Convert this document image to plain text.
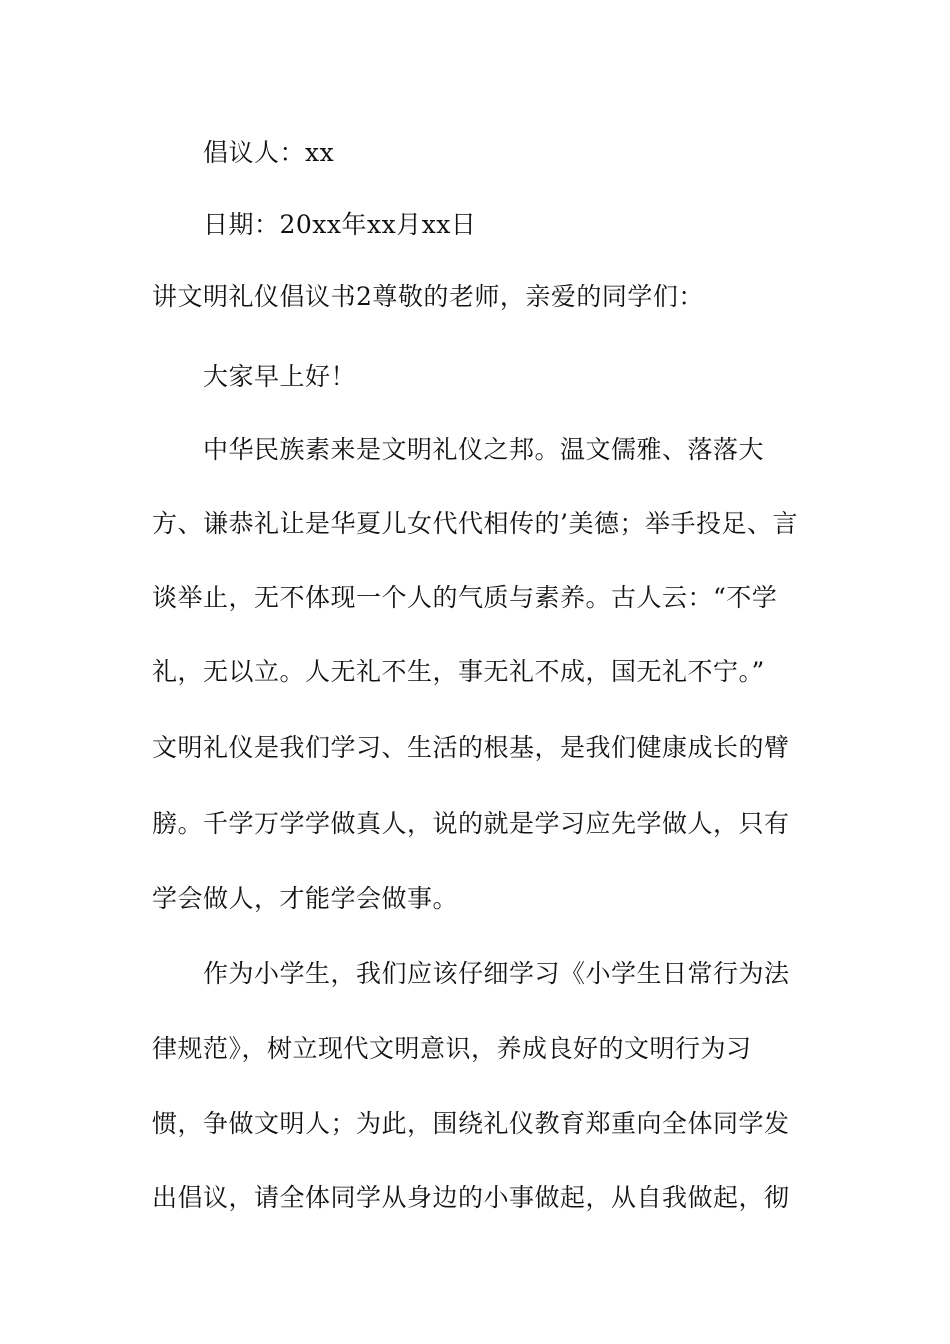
倡议人：xx
日期：20xx年xx月xx日
讲文明礼仪倡议书2尊敬的老师，亲爱的同学们：
大家早上好！
中华民族素来是文明礼仪之邦。温文儒雅、落落大
方、谦恭礼让是华夏儿女代代相传的’美德；举手投足、言
谈举止，无不体现一个人的气质与素养。古人云：“不学
礼，无以立。人无礼不生，事无礼不成，国无礼不宁。”
文明礼仪是我们学习、生活的根基，是我们健康成长的臂
膀。千学万学学做真人，说的就是学习应先学做人，只有
学会做人，才能学会做事。
作为小学生，我们应该仔细学习《小学生日常行为法
律规范》，树立现代文明意识，养成良好的文明行为习
惯，争做文明人；为此，围绕礼仪教育郑重向全体同学发
出倡议，请全体同学从身边的小事做起，从自我做起，彻
